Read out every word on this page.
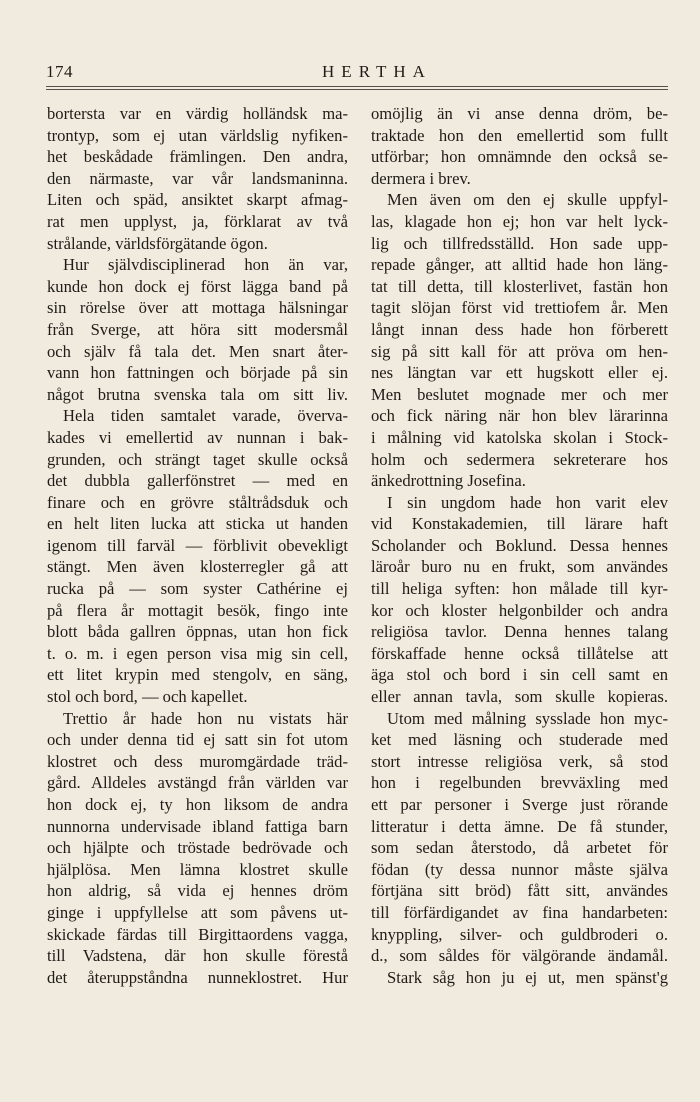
174	HERTHA
bortersta var en värdig holländsk ma-
trontyp, som ej utan världslig nyfiken-
het beskådade främlingen. Den andra,
den närmaste, var vår landsmaninna.
Liten och späd, ansiktet skarpt afmag-
rat men upplyst, ja, förklarat av två
strålande, världsförgätande ögon.
Hur självdisciplinerad hon än var,
kunde hon dock ej först lägga band på
sin rörelse över att mottaga hälsningar
från Sverge, att höra sitt modersmål
och själv få tala det. Men snart åter-
vann hon fattningen och började på sin
något brutna svenska tala om sitt liv.
Hela tiden samtalet varade, överva-
kades vi emellertid av nunnan i bak-
grunden, och strängt taget skulle också
det dubbla gallerfönstret — med en
finare och en grövre ståltrådsduk och
en helt liten lucka att sticka ut handen
igenom till farväl — förblivit obevekligt
stängt. Men även klosterregler gå att
rucka på — som syster Cathérine ej
på flera år mottagit besök, fingo inte
blott båda gallren öppnas, utan hon fick
t. o. m. i egen person visa mig sin cell,
ett litet krypin med stengolv, en säng,
stol och bord, — och kapellet.
Trettio år hade hon nu vistats här
och under denna tid ej satt sin fot utom
klostret och dess muromgärdade träd-
gård. Alldeles avstängd från världen var
hon dock ej, ty hon liksom de andra
nunnorna undervisade ibland fattiga barn
och hjälpte och tröstade bedrövade och
hjälplösa. Men lämna klostret skulle
hon aldrig, så vida ej hennes dröm
ginge i uppfyllelse att som påvens ut-
skickade färdas till Birgittaordens vagga,
till Vadstena, där hon skulle förestå
det återuppståndna nunneklostret. Hur
omöjlig än vi anse denna dröm, be-
traktade hon den emellertid som fullt
utförbar; hon omnämnde den också se-
dermera i brev.
Men även om den ej skulle uppfyl-
las, klagade hon ej; hon var helt lyck-
lig och tillfredsställd. Hon sade upp-
repade gånger, att alltid hade hon läng-
tat till detta, till klosterlivet, fastän hon
tagit slöjan först vid trettiofem år. Men
långt innan dess hade hon förberett
sig på sitt kall för att pröva om hen-
nes längtan var ett hugskott eller ej.
Men beslutet mognade mer och mer
och fick näring när hon blev lärarinna
i målning vid katolska skolan i Stock-
holm och sedermera sekreterare hos
änkedrottning Josefina.
I sin ungdom hade hon varit elev
vid Konstakademien, till lärare haft
Scholander och Boklund. Dessa hennes
läroår buro nu en frukt, som användes
till heliga syften: hon målade till kyr-
kor och kloster helgonbilder och andra
religiösa tavlor. Denna hennes talang
förskaffade henne också tillåtelse att
äga stol och bord i sin cell samt en
eller annan tavla, som skulle kopieras.
Utom med målning sysslade hon myc-
ket med läsning och studerade med
stort intresse religiösa verk, så stod
hon i regelbunden brevväxling med
ett par personer i Sverge just rörande
litteratur i detta ämne. De få stunder,
som sedan återstodo, då arbetet för
födan (ty dessa nunnor måste själva
förtjäna sitt bröd) fått sitt, användes
till förfärdigandet av fina handarbeten:
knyppling, silver- och guldbroderi o.
d., som såldes för välgörande ändamål.
Stark såg hon ju ej ut, men spänst'g
